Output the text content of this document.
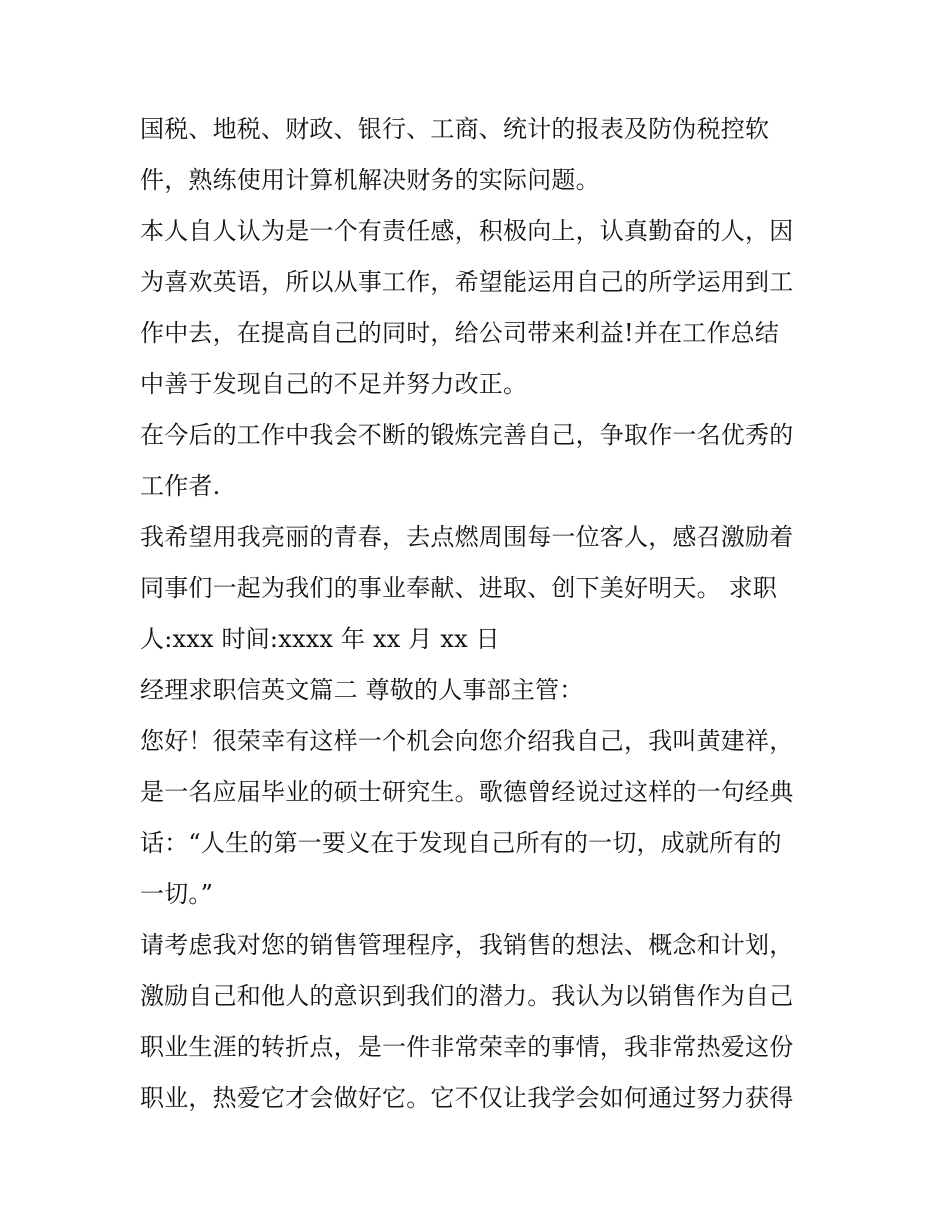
国税、地税、财政、银行、工商、统计的报表及防伪税控软
件，熟练使用计算机解决财务的实际问题。
本人自人认为是一个有责任感，积极向上，认真勤奋的人，因
为喜欢英语，所以从事工作，希望能运用自己的所学运用到工
作中去，在提高自己的同时，给公司带来利益!并在工作总结
中善于发现自己的不足并努力改正。
在今后的工作中我会不断的锻炼完善自己，争取作一名优秀的
工作者.
我希望用我亮丽的青春，去点燃周围每一位客人，感召激励着
同事们一起为我们的事业奉献、进取、创下美好明天。 求职
人:xxx 时间:xxxx 年 xx 月 xx 日
经理求职信英文篇二 尊敬的人事部主管：
您好！很荣幸有这样一个机会向您介绍我自己，我叫黄建祥，
是一名应届毕业的硕士研究生。歌德曾经说过这样的一句经典
话：“人生的第一要义在于发现自己所有的一切，成就所有的
一切。”
请考虑我对您的销售管理程序，我销售的想法、概念和计划，
激励自己和他人的意识到我们的潜力。我认为以销售作为自己
职业生涯的转折点，是一件非常荣幸的事情，我非常热爱这份
职业，热爱它才会做好它。它不仅让我学会如何通过努力获得
